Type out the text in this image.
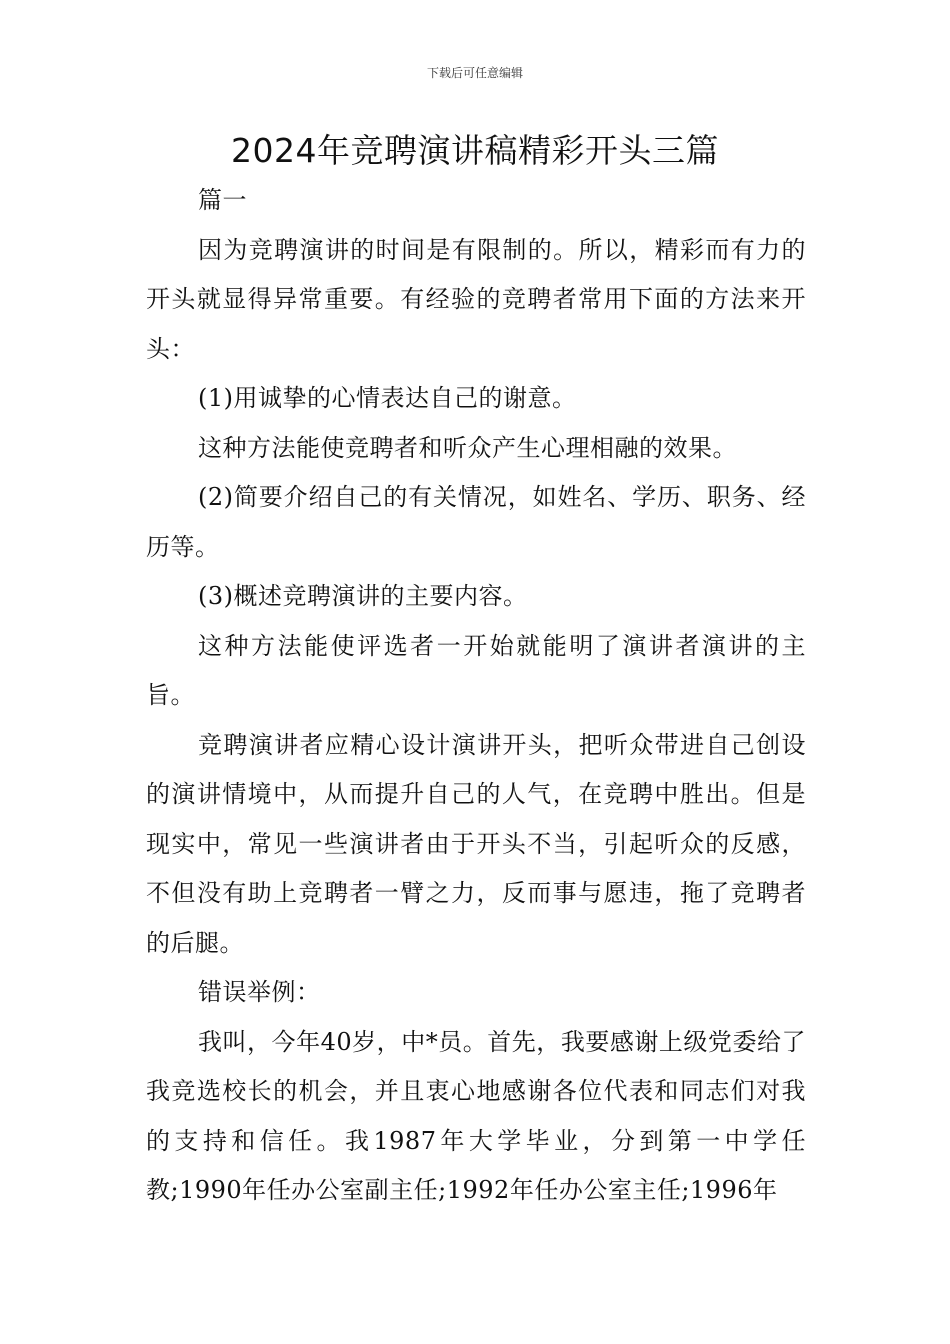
下载后可任意编辑
2024年竞聘演讲稿精彩开头三篇

篇一

因为竞聘演讲的时间是有限制的。所以，精彩而有力的开头就显得异常重要。有经验的竞聘者常用下面的方法来开头：

(1)用诚挚的心情表达自己的谢意。

这种方法能使竞聘者和听众产生心理相融的效果。

(2)简要介绍自己的有关情况，如姓名、学历、职务、经历等。

(3)概述竞聘演讲的主要内容。

这种方法能使评选者一开始就能明了演讲者演讲的主旨。

竞聘演讲者应精心设计演讲开头，把听众带进自己创设的演讲情境中，从而提升自己的人气，在竞聘中胜出。但是现实中，常见一些演讲者由于开头不当，引起听众的反感，不但没有助上竞聘者一臂之力，反而事与愿违，拖了竞聘者的后腿。

错误举例：

我叫，今年40岁，中*员。首先，我要感谢上级党委给了我竞选校长的机会，并且衷心地感谢各位代表和同志们对我的支持和信任。我1987年大学毕业，分到第一中学任教;1990年任办公室副主任;1992年任办公室主任;1996年
